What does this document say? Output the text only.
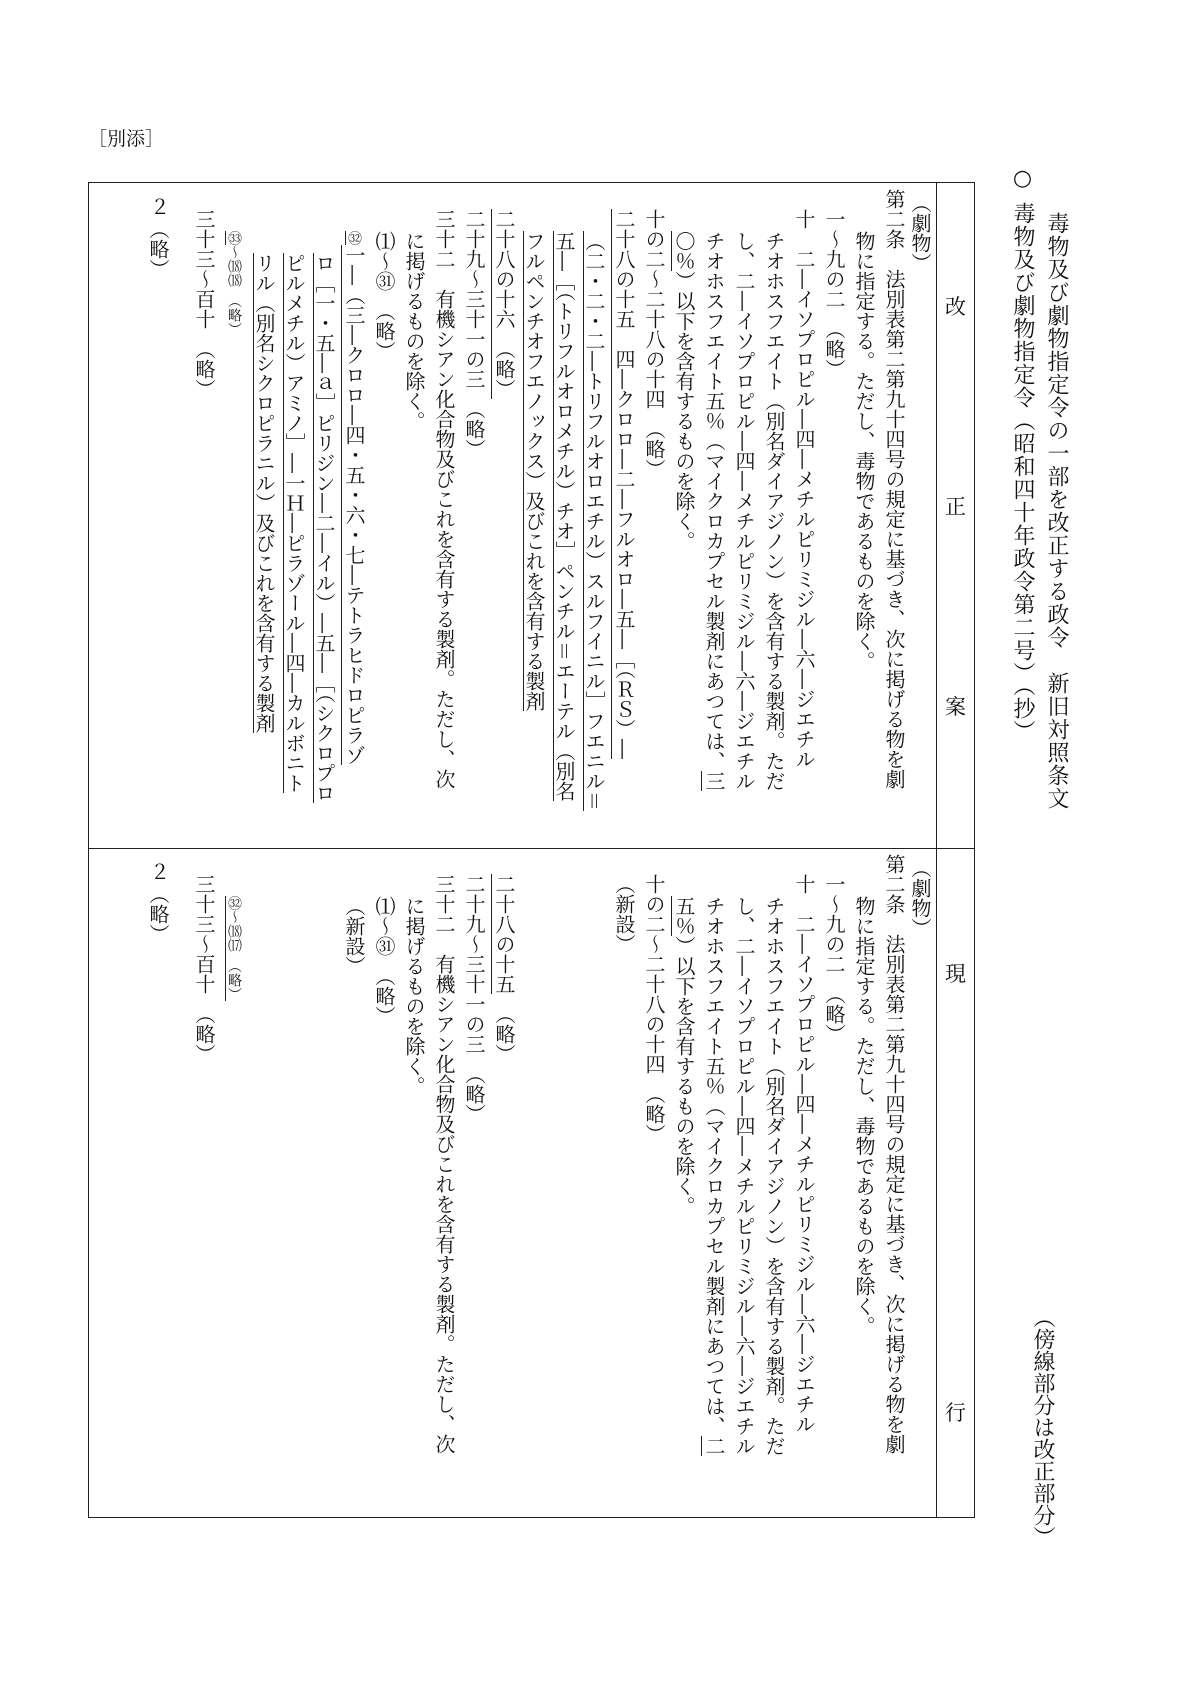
［別添］
○
毒物及び劇物指定令の一部を改正する政令　新旧対照条文
毒物及び劇物指定令（昭和四十年政令第二号）（抄）
（傍線部分は改正部分）
改
正
案
現
行
（劇物）
第二条　法別表第二第九十四号の規定に基づき、次に掲げる物を劇
物に指定する。ただし、毒物であるものを除く。
一～九の二　（略）
十　二―イソプロピル―四―メチルピリミジル―六―ジエチル
チオホスフエイト（別名ダイアジノン）を含有する製剤。ただ
し、二―イソプロピル―四―メチルピリミジル―六―ジエチル
チオホスフエイト五％（マイクロカプセル製剤にあつては、三
〇％）以下を含有するものを除く。
十の二～二十八の十四　（略）
二十八の十五　四―クロロ―二―フルオロ―五―［（ＲＳ）―
（二・二・二―トリフルオロエチル）スルフイニル］フエニル＝
五―［（トリフルオロメチル）チオ］ペンチル＝エーテル（別名
フルペンチオフエノックス）及びこれを含有する製剤
二十八の十六　（略）
二十九～三十一の三　（略）
三十二　有機シアン化合物及びこれを含有する製剤。ただし、次
に掲げるものを除く。
⑴～㉛　（略）
㉜一―（三―クロロ―四・五・六・七―テトラヒドロピラゾ
ロ［一・五―ａ］ピリジン―二―イル）―五―［（シクロプロ
ピルメチル）アミノ］―一Ｈ―ピラゾール―四―カルボニト
リル（別名シクロピラニル）及びこれを含有する製剤
㉝～⒅⒅　（略）
三十三～百十　（略）
２
（略）
（劇物）
第二条　法別表第二第九十四号の規定に基づき、次に掲げる物を劇
物に指定する。ただし、毒物であるものを除く。
一～九の二　（略）
十　二―イソプロピル―四―メチルピリミジル―六―ジエチル
チオホスフエイト（別名ダイアジノン）を含有する製剤。ただ
し、二―イソプロピル―四―メチルピリミジル―六―ジエチル
チオホスフエイト五％（マイクロカプセル製剤にあつては、二
五％）以下を含有するものを除く。
十の二～二十八の十四　（略）
（新設）
二十八の十五　（略）
二十九～三十一の三　（略）
三十二　有機シアン化合物及びこれを含有する製剤。ただし、次
に掲げるものを除く。
⑴～㉛　（略）
（新設）
㉜～⒅⒄　（略）
三十三～百十　（略）
２
（略）
